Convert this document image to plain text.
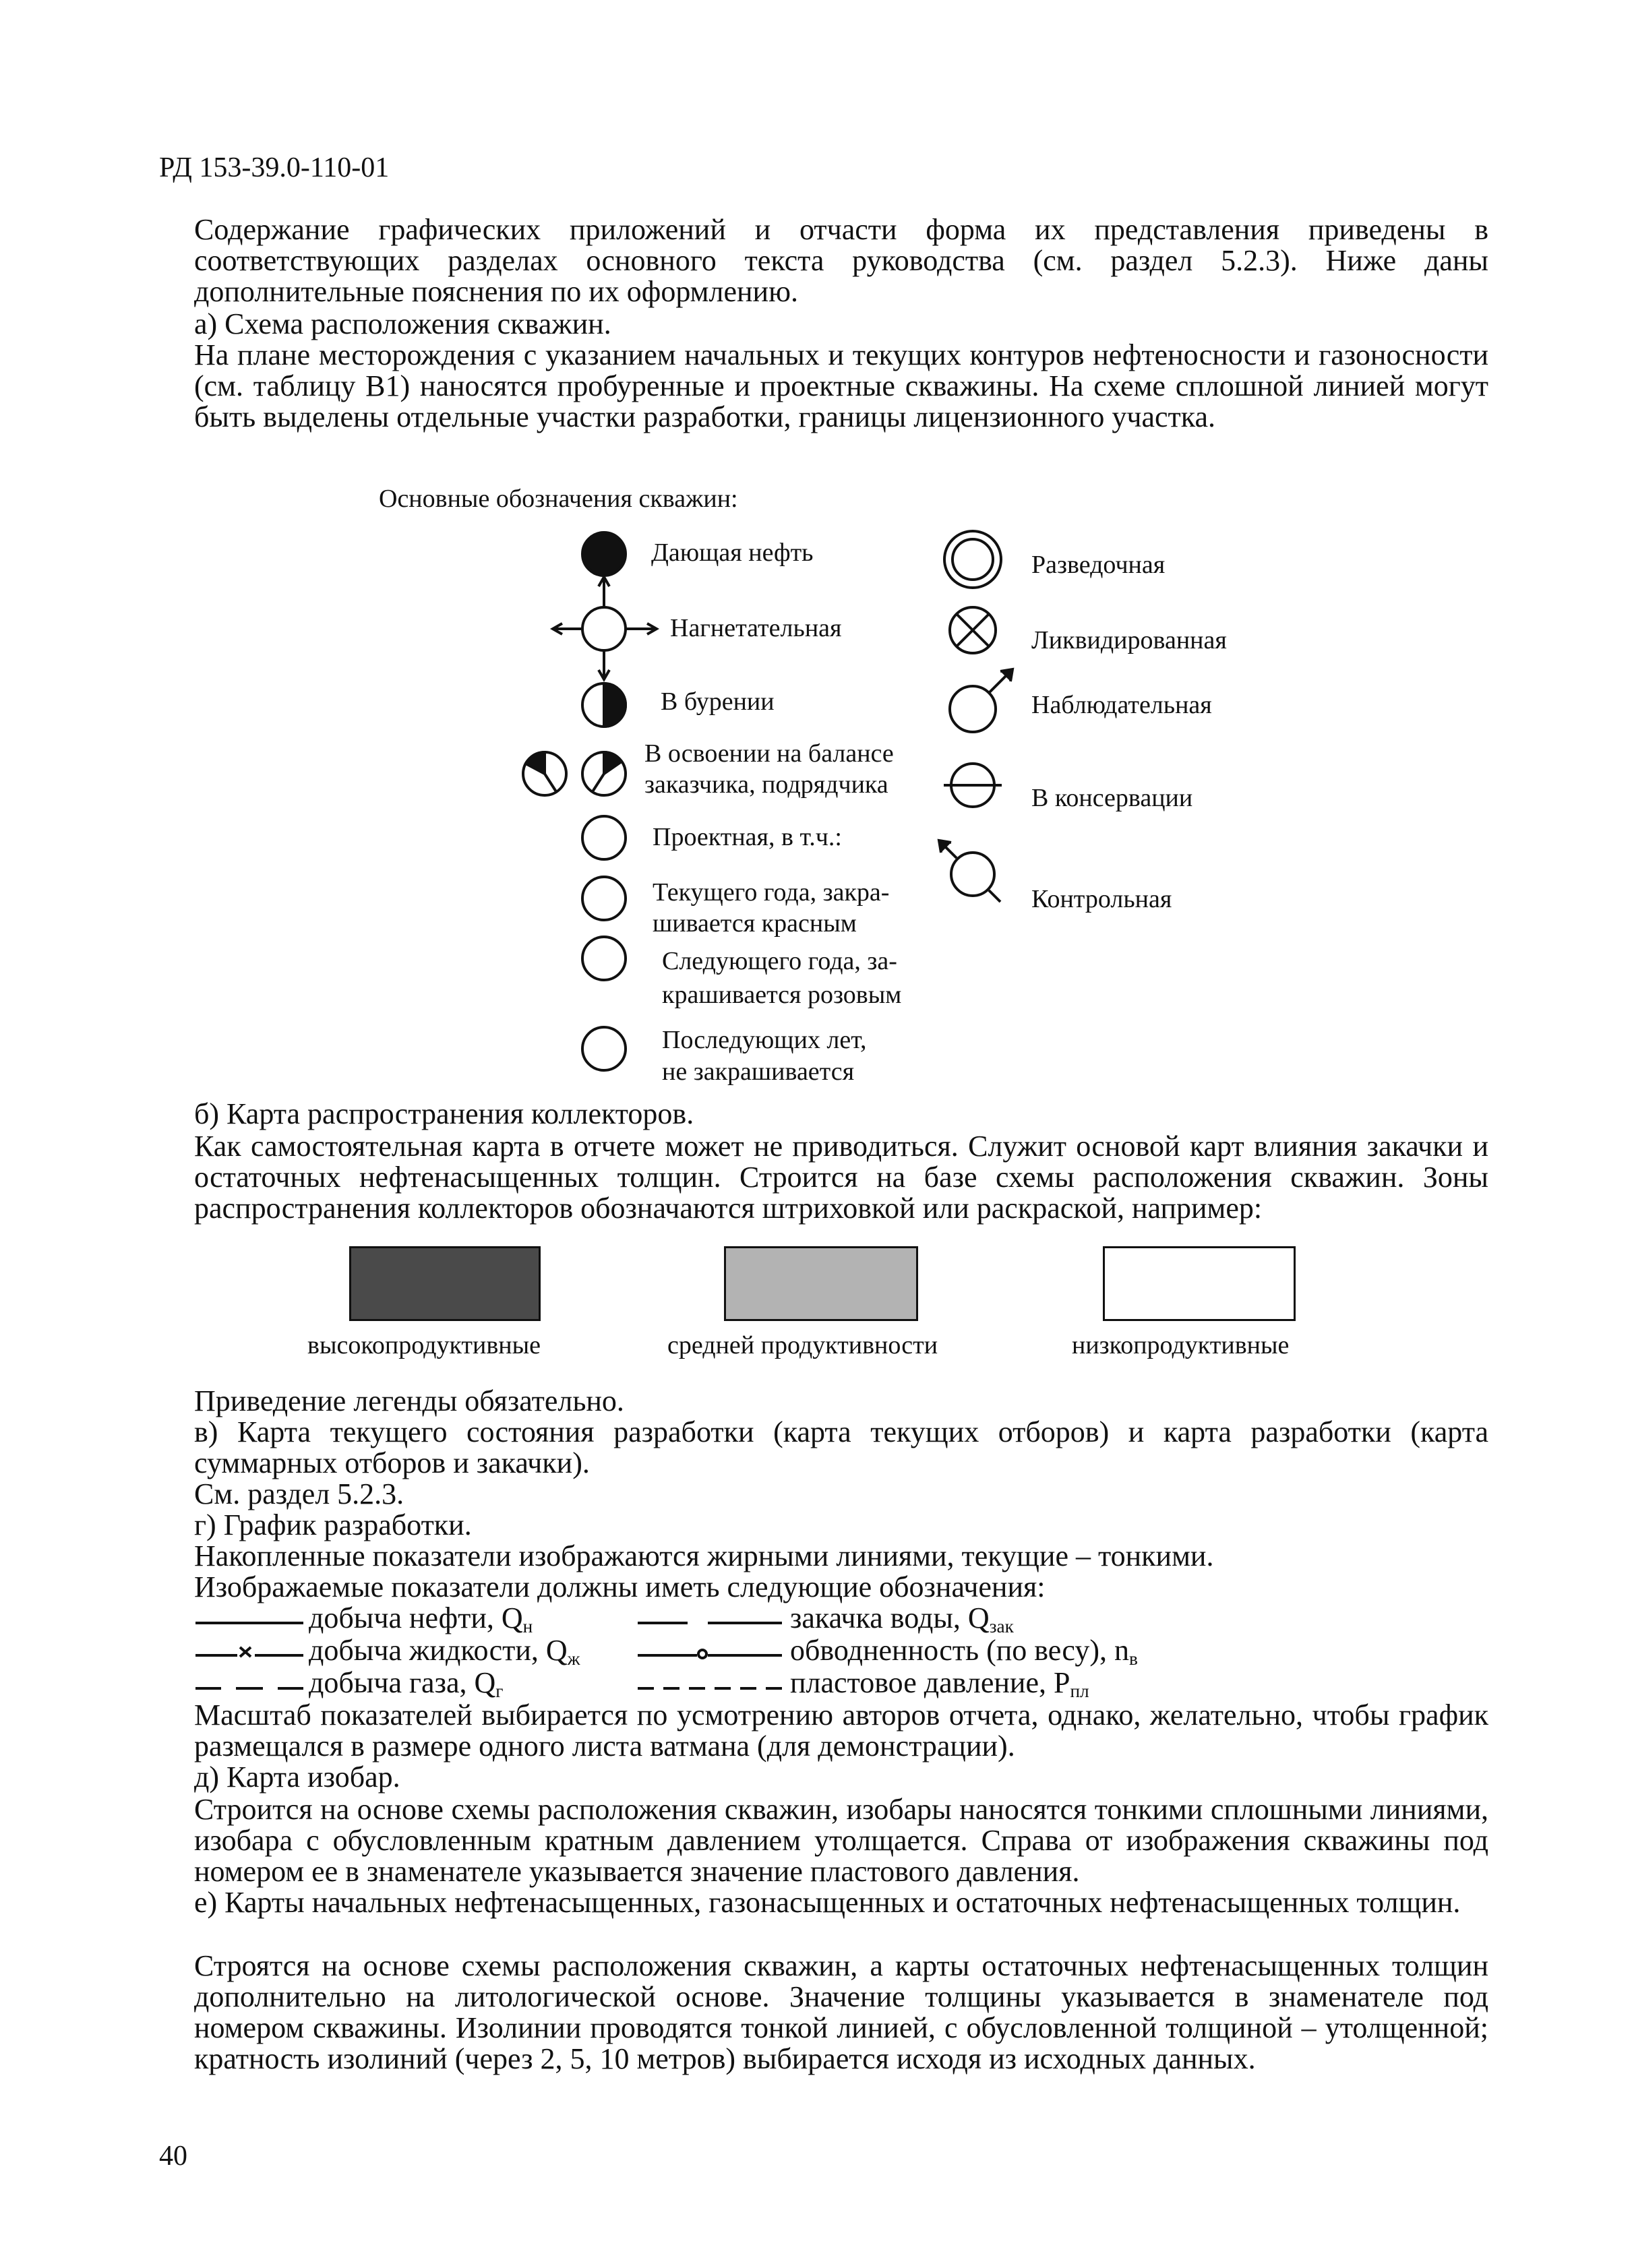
РД 153-39.0-110-01
Содержание графических приложений и отчасти форма их представления приведены в соответствующих разделах основного текста руководства (см. раздел 5.2.3). Ниже даны дополнительные пояснения по их оформлению.
а) Схема расположения скважин.
На плане месторождения с указанием начальных и текущих контуров нефтеносности и газоносности (см. таблицу В1) наносятся пробуренные и проектные скважины. На схеме сплошной линией могут быть выделены отдельные участки разработки, границы лицензионного участка.
Основные обозначения скважин:
Дающая нефть
Нагнетательная
В бурении
В освоении на балансе
заказчика, подрядчика
Проектная, в т.ч.:
Текущего года, закра-
шивается красным
Следующего года, за-
крашивается розовым
Последующих лет,
не закрашивается
Разведочная
Ликвидированная
Наблюдательная
В консервации
Контрольная
б) Карта распространения коллекторов.
Как самостоятельная карта в отчете может не приводиться. Служит основой карт влияния закачки и остаточных нефтенасыщенных толщин. Строится на базе схемы расположения скважин. Зоны распространения коллекторов обозначаются штриховкой или раскраской, например:
высокопродуктивные	средней продуктивности	низкопродуктивные
Приведение легенды обязательно.
в) Карта текущего состояния разработки (карта текущих отборов) и карта разработки (карта суммарных отборов и закачки).
См. раздел 5.2.3.
г) График разработки.
Накопленные показатели изображаются жирными линиями, текущие – тонкими.
Изображаемые показатели должны иметь следующие обозначения:
добыча нефти, $Q_н$	закачка воды, $Q_{зак}$
добыча жидкости, $Q_ж$	обводненность (по весу), $n_в$
добыча газа, $Q_г$	пластовое давление, $P_{пл}$
Масштаб показателей выбирается по усмотрению авторов отчета, однако, желательно, чтобы график размещался в размере одного листа ватмана (для демонстрации).
д) Карта изобар.
Строится на основе схемы расположения скважин, изобары наносятся тонкими сплошными линиями, изобара с обусловленным кратным давлением утолщается. Справа от изображения скважины под номером ее в знаменателе указывается значение пластового давления.
е) Карты начальных нефтенасыщенных, газонасыщенных и остаточных нефтенасыщенных толщин.
Строятся на основе схемы расположения скважин, а карты остаточных нефтенасыщенных толщин дополнительно на литологической основе. Значение толщины указывается в знаменателе под номером скважины. Изолинии проводятся тонкой линией, с обусловленной толщиной – утолщенной; кратность изолиний (через 2, 5, 10 метров) выбирается исходя из исходных данных.
40
